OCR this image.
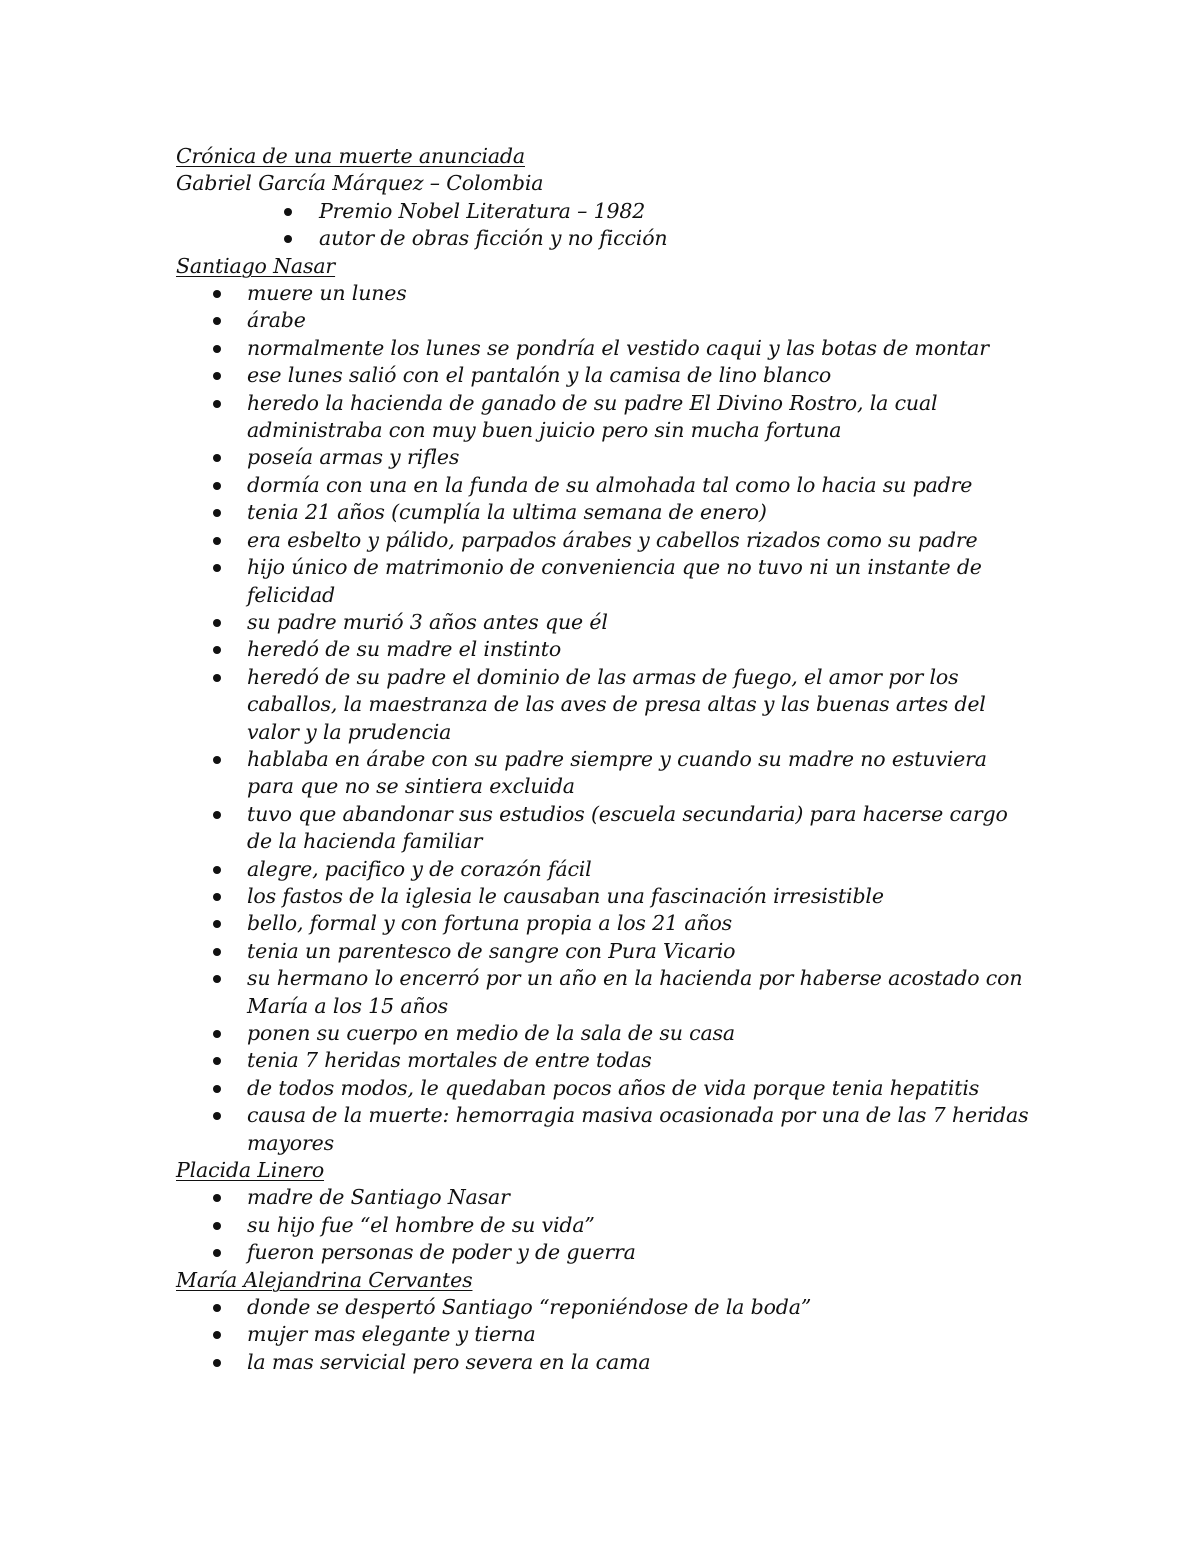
Crónica de una muerte anunciada

Gabriel García Márquez – Colombia

Premio Nobel Literatura – 1982
autor de obras ficción y no ficción

Santiago Nasar

muere un lunes
árabe
normalmente los lunes se pondría el vestido caqui y las botas de montar
ese lunes salió con el pantalón y la camisa de lino blanco
heredo la hacienda de ganado de su padre El Divino Rostro, la cual administraba con muy buen juicio pero sin mucha fortuna
poseía armas y rifles
dormía con una en la funda de su almohada tal como lo hacia su padre
tenia 21 años (cumplía la ultima semana de enero)
era esbelto y pálido, parpados árabes y cabellos rizados como su padre
hijo único de matrimonio de conveniencia que no tuvo ni un instante de felicidad
su padre murió 3 años antes que él
heredó de su madre el instinto
heredó de su padre el dominio de las armas de fuego, el amor por los caballos, la maestranza de las aves de presa altas y las buenas artes del valor y la prudencia
hablaba en árabe con su padre siempre y cuando su madre no estuviera para que no se sintiera excluida
tuvo que abandonar sus estudios (escuela secundaria) para hacerse cargo de la hacienda familiar
alegre, pacifico y de corazón fácil
los fastos de la iglesia le causaban una fascinación irresistible
bello, formal y con fortuna propia a los 21 años
tenia un parentesco de sangre con Pura Vicario
su hermano lo encerró por un año en la hacienda por haberse acostado con María a los 15 años
ponen su cuerpo en medio de la sala de su casa
tenia 7 heridas mortales de entre todas
de todos modos, le quedaban pocos años de vida porque tenia hepatitis
causa de la muerte: hemorragia masiva ocasionada por una de las 7 heridas mayores

Placida Linero

madre de Santiago Nasar
su hijo fue “el hombre de su vida”
fueron personas de poder y de guerra

María Alejandrina Cervantes

donde se despertó Santiago “reponiéndose de la boda”
mujer mas elegante y tierna
la mas servicial pero severa en la cama
